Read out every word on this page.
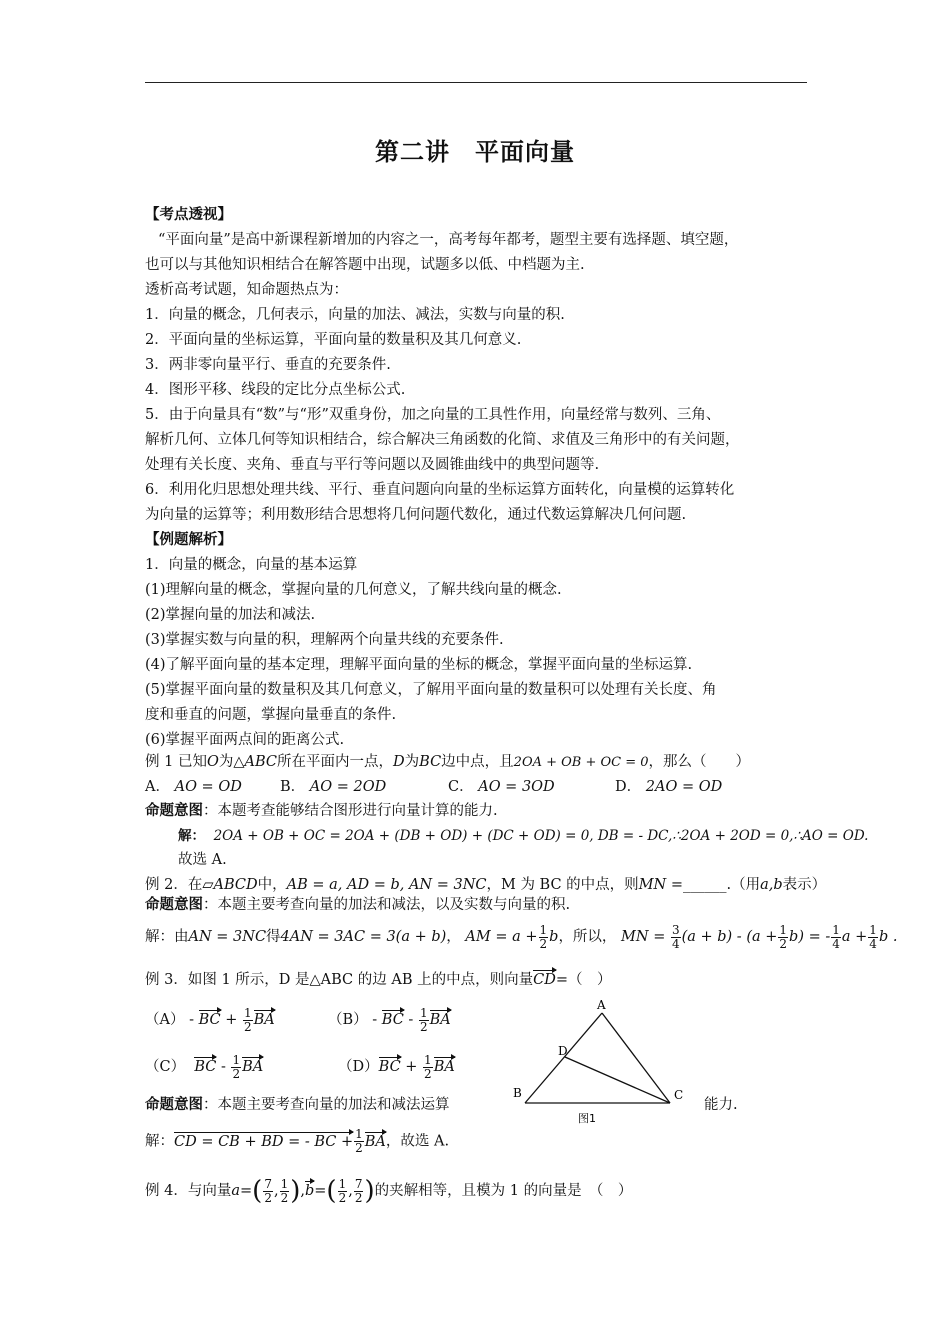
第二讲　平面向量
【考点透视】
“平面向量”是高中新课程新增加的内容之一，高考每年都考，题型主要有选择题、填空题，
也可以与其他知识相结合在解答题中出现，试题多以低、中档题为主.
透析高考试题，知命题热点为：
1．向量的概念，几何表示，向量的加法、减法，实数与向量的积.
2．平面向量的坐标运算，平面向量的数量积及其几何意义.
3．两非零向量平行、垂直的充要条件.
4．图形平移、线段的定比分点坐标公式.
5．由于向量具有“数”与“形”双重身份，加之向量的工具性作用，向量经常与数列、三角、
解析几何、立体几何等知识相结合，综合解决三角函数的化简、求值及三角形中的有关问题，
处理有关长度、夹角、垂直与平行等问题以及圆锥曲线中的典型问题等.
6．利用化归思想处理共线、平行、垂直问题向向量的坐标运算方面转化，向量模的运算转化
为向量的运算等；利用数形结合思想将几何问题代数化，通过代数运算解决几何问题.
【例题解析】
1．向量的概念，向量的基本运算
(1)理解向量的概念，掌握向量的几何意义，了解共线向量的概念.
(2)掌握向量的加法和减法.
(3)掌握实数与向量的积，理解两个向量共线的充要条件.
(4)了解平面向量的基本定理，理解平面向量的坐标的概念，掌握平面向量的坐标运算.
(5)掌握平面向量的数量积及其几何意义，了解用平面向量的数量积可以处理有关长度、角
度和垂直的问题，掌握向量垂直的条件.
(6)掌握平面两点间的距离公式.
例 1 已知O为△ABC所在平面内一点，D为BC边中点，且2OA + OB + OC = 0，那么（　　）
A． AO = OD	B． AO = 2OD	C． AO = 3OD	D． 2AO = OD
命题意图：本题考查能够结合图形进行向量计算的能力.
解： 2OA + OB + OC = 2OA + (DB + OD) + (DC + OD) = 0, DB = - DC,∴2OA + 2OD = 0,∴AO = OD.
故选 A.
例 2．在▱ABCD中，AB = a, AD = b, AN = 3NC，M 为 BC 的中点，则MN =______.（用a,b表示）
命题意图：本题主要考查向量的加法和减法，以及实数与向量的积.
解：由AN = 3NC得4AN = 3AC = 3(a + b)， AM = $a + \frac{1}{2}$ b，所以， MN = $\frac{3}{4} (a + b) - (a + \frac{1}{2} b)$ = - $\frac{1}{4}$ $a + \frac{1}{4}$ b .
例 3．如图 1 所示，D 是△ABC 的边 AB 上的中点，则向量CD=（　）
（A） - BC + $\frac{1}{2}$ BA	（B） - BC - $\frac{1}{2}$ BA
（C） BC - $\frac{1}{2}$ BA	$(D)BC + \frac{1}{2}$ BA
命题意图：本题主要考查向量的加法和减法运算	能力.
A
B	C
D
图1
解：CD = CB + BD = - BC + $\frac{1}{2}$ BA，故选 A.
例 4．与向量$a=( \frac{7}{2}$ , $\frac{1}{2} ),b=( \frac{1}{2}$ , $\frac{7}{2}$ )的夹解相等，且模为 1 的向量是　（　）
